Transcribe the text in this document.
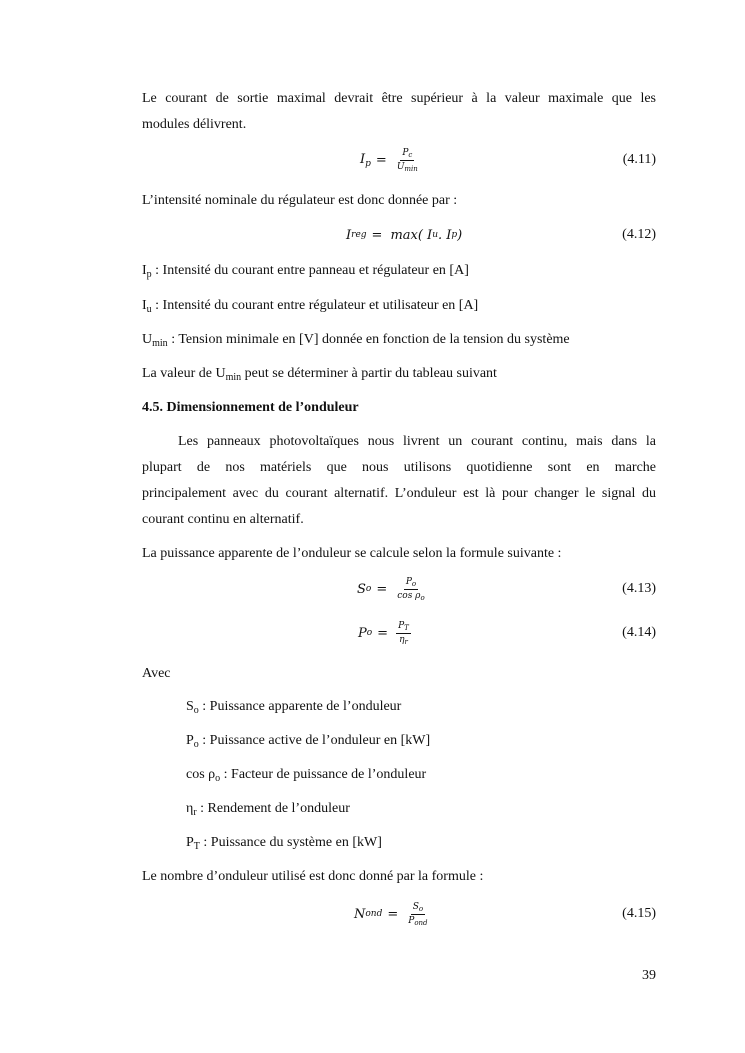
Le courant de sortie maximal devrait être supérieur à la valeur maximale que les
modules délivrent.
$I_p = \frac{P_c}{U_{min}}$	(4.11)
L’intensité nominale du régulateur est donc donnée par :
I reg = max( I u . I p )	(4.12)
$I_p$ : Intensité du courant entre panneau et régulateur en [A]
$I_u$ : Intensité du courant entre régulateur et utilisateur en [A]
$U_{min}$ : Tension minimale en [V] donnée en fonction de la tension du système
La valeur de $U_{min}$ peut se déterminer à partir du tableau suivant
4.5. Dimensionnement de l’onduleur
Les panneaux photovoltaïques nous livrent un courant continu, mais dans la
plupart de nos matériels que nous utilisons quotidienne sont en marche
principalement avec du courant alternatif. L’onduleur est là pour changer le signal du
courant continu en alternatif.
La puissance apparente de l’onduleur se calcule selon la formule suivante :
S $o = \frac{P_o}{\cos \rho_o}$	(4.13)
P $o = \frac{P_T}{\eta_r}$	(4.14)
Avec
$S_o$ : Puissance apparente de l’onduleur
$P_o$ : Puissance active de l’onduleur en [kW]
$\cos \rho_o$ : Facteur de puissance de l’onduleur
$\eta_r$ : Rendement de l’onduleur
$P_T$ : Puissance du système en [kW]
Le nombre d’onduleur utilisé est donc donné par la formule :
N ond = $\frac{S_o}{P_{ond}}$	(4.15)
39
